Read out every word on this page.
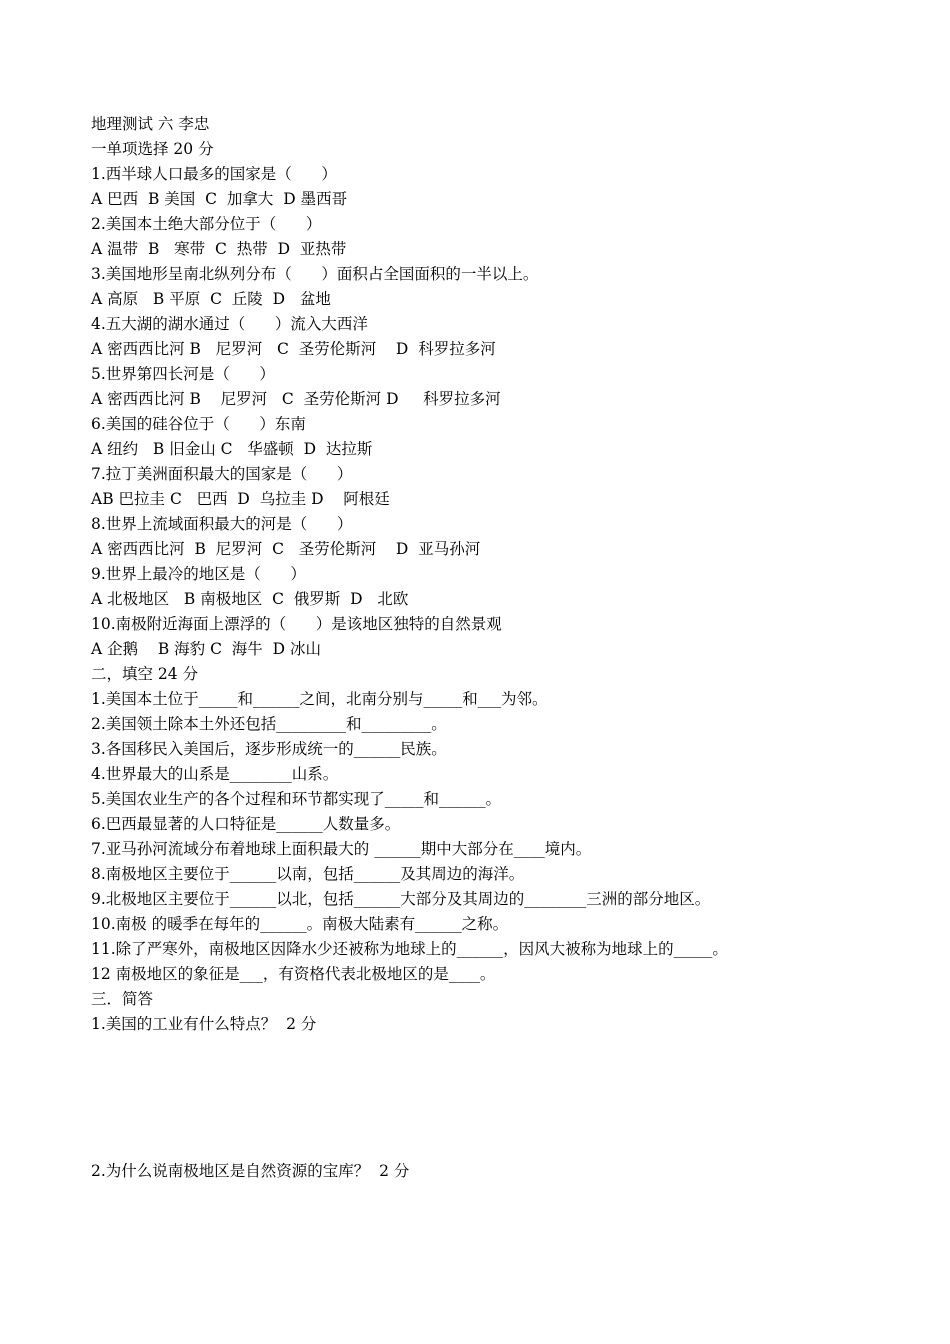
地理测试 六 李忠
一单项选择 20 分
1.西半球人口最多的国家是（      ）
A 巴西  B 美国  C  加拿大  D 墨西哥
2.美国本土绝大部分位于（      ）
A 温带  B   寒带  C  热带  D  亚热带
3.美国地形呈南北纵列分布（      ）面积占全国面积的一半以上。
A 高原   B 平原  C  丘陵  D   盆地
4.五大湖的湖水通过（      ）流入大西洋
A 密西西比河 B   尼罗河   C  圣劳伦斯河    D  科罗拉多河
5.世界第四长河是（      ）
A 密西西比河 B    尼罗河   C  圣劳伦斯河 D     科罗拉多河
6.美国的硅谷位于（      ）东南
A 纽约   B 旧金山 C   华盛顿  D  达拉斯
7.拉丁美洲面积最大的国家是（      ）
AB 巴拉圭 C   巴西  D  乌拉圭 D    阿根廷
8.世界上流域面积最大的河是（      ）
A 密西西比河  B  尼罗河  C   圣劳伦斯河    D  亚马孙河
9.世界上最冷的地区是（      ）
A 北极地区   B 南极地区  C  俄罗斯  D   北欧
10.南极附近海面上漂浮的（      ）是该地区独特的自然景观
A 企鹅    B 海豹 C  海牛  D 冰山
二，填空 24 分
1.美国本土位于_____和______之间，北南分别与_____和___为邻。
2.美国领土除本土外还包括_________和_________。
3.各国移民入美国后，逐步形成统一的______民族。
4.世界最大的山系是________山系。
5.美国农业生产的各个过程和环节都实现了_____和______。
6.巴西最显著的人口特征是______人数量多。
7.亚马孙河流域分布着地球上面积最大的 ______期中大部分在____境内。
8.南极地区主要位于______以南，包括______及其周边的海洋。
9.北极地区主要位于______以北，包括______大部分及其周边的________三洲的部分地区。
10.南极 的暖季在每年的______。南极大陆素有______之称。
11.除了严寒外，南极地区因降水少还被称为地球上的______，因风大被称为地球上的_____。
12 南极地区的象征是___，有资格代表北极地区的是____。
三．简答
1.美国的工业有什么特点？  2 分
2.为什么说南极地区是自然资源的宝库？  2 分
